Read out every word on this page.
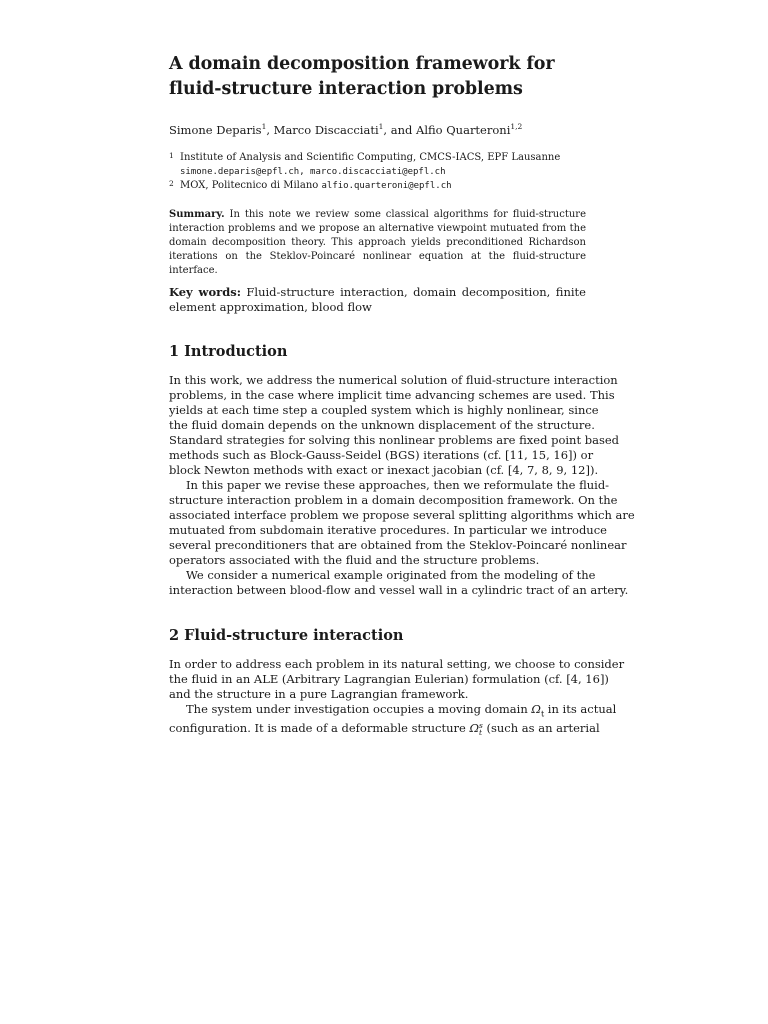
A domain decomposition framework for
fluid-structure interaction problems
Simone Deparis$^1$, Marco Discacciati$^1$, and Alfio Quarteroni$^{1,2}$
1 Institute of Analysis and Scientific Computing, CMCS-IACS, EPF Lausanne
simone.deparis@epfl.ch, marco.discacciati@epfl.ch
2 MOX, Politecnico di Milano alfio.quarteroni@epfl.ch
Summary. In this note we review some classical algorithms for fluid-structure interaction problems and we propose an alternative viewpoint mutuated from the domain decomposition theory. This approach yields preconditioned Richardson iterations on the Steklov-Poincaré nonlinear equation at the fluid-structure interface.
Key words: Fluid-structure interaction, domain decomposition, finite element approximation, blood flow
1 Introduction
In this work, we address the numerical solution of fluid-structure interaction
problems, in the case where implicit time advancing schemes are used. This
yields at each time step a coupled system which is highly nonlinear, since
the fluid domain depends on the unknown displacement of the structure.
Standard strategies for solving this nonlinear problems are fixed point based
methods such as Block-Gauss-Seidel (BGS) iterations (cf. [11, 15, 16]) or
block Newton methods with exact or inexact jacobian (cf. [4, 7, 8, 9, 12]).
In this paper we revise these approaches, then we reformulate the fluid-
structure interaction problem in a domain decomposition framework. On the
associated interface problem we propose several splitting algorithms which are
mutuated from subdomain iterative procedures. In particular we introduce
several preconditioners that are obtained from the Steklov-Poincaré nonlinear
operators associated with the fluid and the structure problems.
We consider a numerical example originated from the modeling of the
interaction between blood-flow and vessel wall in a cylindric tract of an artery.
2 Fluid-structure interaction
In order to address each problem in its natural setting, we choose to consider
the fluid in an ALE (Arbitrary Lagrangian Eulerian) formulation (cf. [4, 16])
and the structure in a pure Lagrangian framework.
The system under investigation occupies a moving domain $\Omega_t$ in its actual
configuration. It is made of a deformable structure Ω s
t (such as an arterial
